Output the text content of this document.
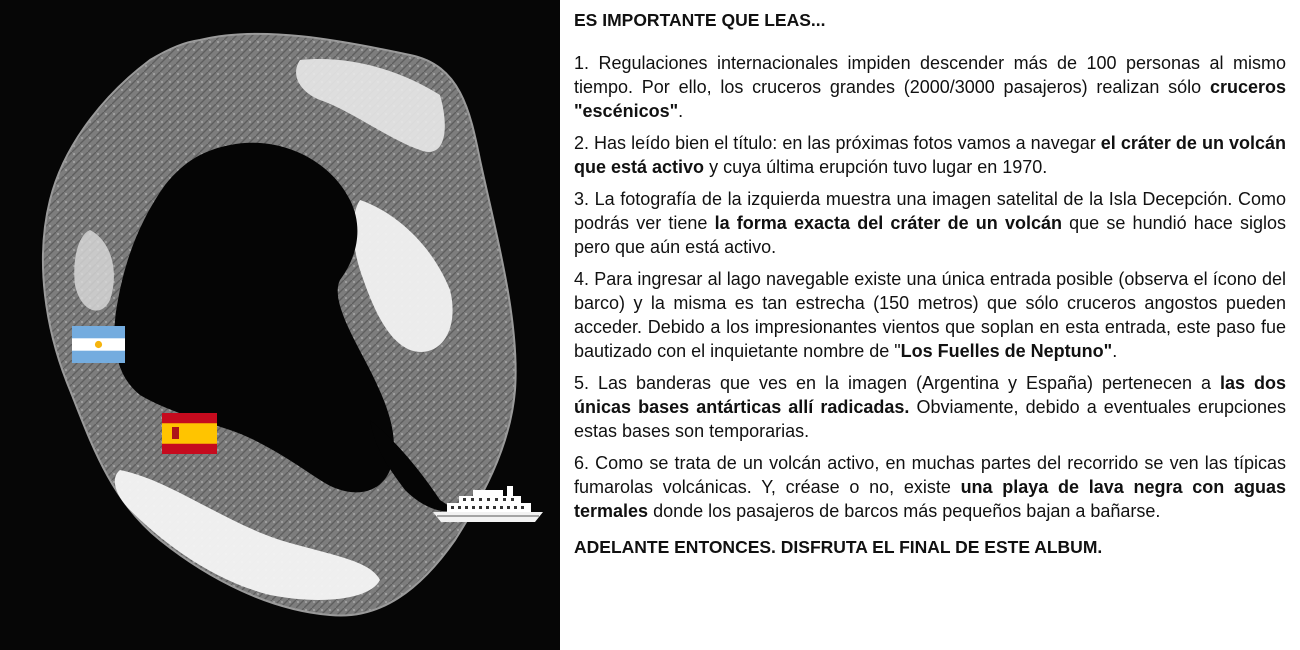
ES IMPORTANTE QUE LEAS...

1. Regulaciones internacionales impiden descender más de 100 personas al mismo tiempo. Por ello, los cruceros grandes (2000/3000 pasajeros) realizan sólo cruceros "escénicos".

2. Has leído bien el título: en las próximas fotos vamos a navegar el cráter de un volcán que está activo y cuya última erupción tuvo lugar en 1970.

3. La fotografía de la izquierda muestra una imagen satelital de la Isla Decepción. Como podrás ver tiene la forma exacta del cráter de un volcán que se hundió hace siglos pero que aún está activo.

4. Para ingresar al lago navegable existe una única entrada posible (observa el ícono del barco) y la misma es tan estrecha (150 metros) que sólo cruceros angostos pueden acceder. Debido a los impresionantes vientos que soplan en esta entrada, este paso fue bautizado con el inquietante nombre de "Los Fuelles de Neptuno".

5. Las banderas que ves en la imagen (Argentina y España) pertenecen a las dos únicas bases antárticas allí radicadas. Obviamente, debido a eventuales erupciones estas bases son temporarias.

6. Como se trata de un volcán activo, en muchas partes del recorrido se ven las típicas fumarolas volcánicas. Y, créase o no, existe una playa de lava negra con aguas termales donde los pasajeros de barcos más pequeños bajan a bañarse.

ADELANTE ENTONCES. DISFRUTA EL FINAL DE ESTE ALBUM.
